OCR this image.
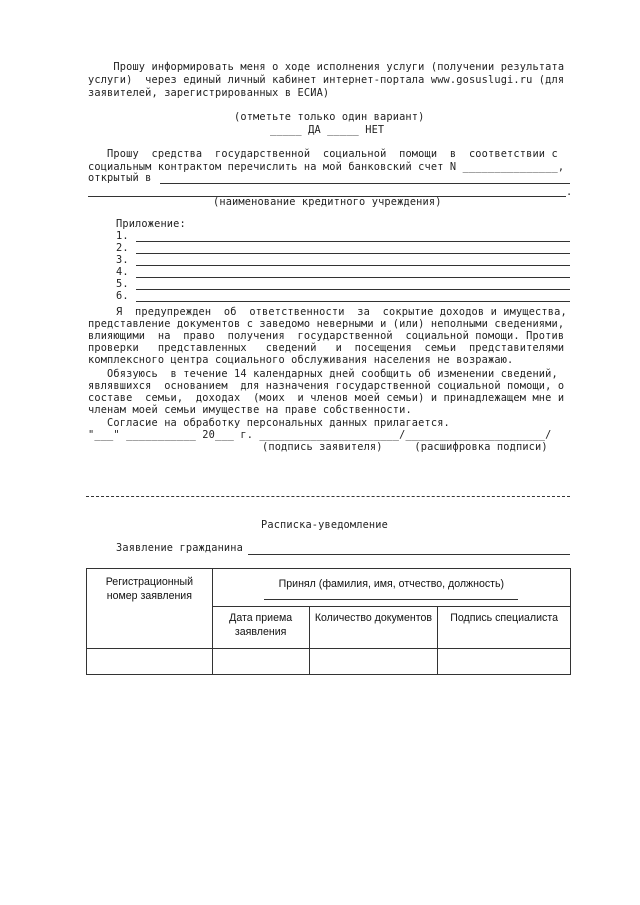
Прошу информировать меня о ходе исполнения услуги (получении результата
услуги)  через единый личный кабинет интернет-портала www.gosuslugi.ru (для
заявителей, зарегистрированных в ЕСИА)
(отметьте только один вариант)
_____ ДА _____ НЕТ
Прошу  средства  государственной  социальной  помощи  в  соответствии с
социальным контрактом перечислить на мой банковский счет N _______________,
открытый в
.
(наименование кредитного учреждения)
Приложение:
1.
2.
3.
4.
5.
6.
Я  предупрежден  об  ответственности  за  сокрытие доходов и имущества,
представление документов с заведомо неверными и (или) неполными сведениями,
влияющими  на  право  получения  государственной  социальной помощи. Против
проверки   представленных   сведений   и  посещения  семьи  представителями
комплексного центра социального обслуживания населения не возражаю.
Обязуюсь  в течение 14 календарных дней сообщить об изменении сведений,
являвшихся  основанием  для назначения государственной социальной помощи, о
составе  семьи,  доходах  (моих  и членов моей семьи) и принадлежащем мне и
членам моей семьи имуществе на праве собственности.
Согласие на обработку персональных данных прилагается.
"___" ___________ 20___ г. ______________________/______________________/
(подпись заявителя)     (расшифровка подписи)
Расписка-уведомление
Заявление гражданина
Регистрационный номер заявления	Принял (фамилия, имя, отчество, должность)		

	Дата приема заявления	Количество документов	Подпись специалиста
